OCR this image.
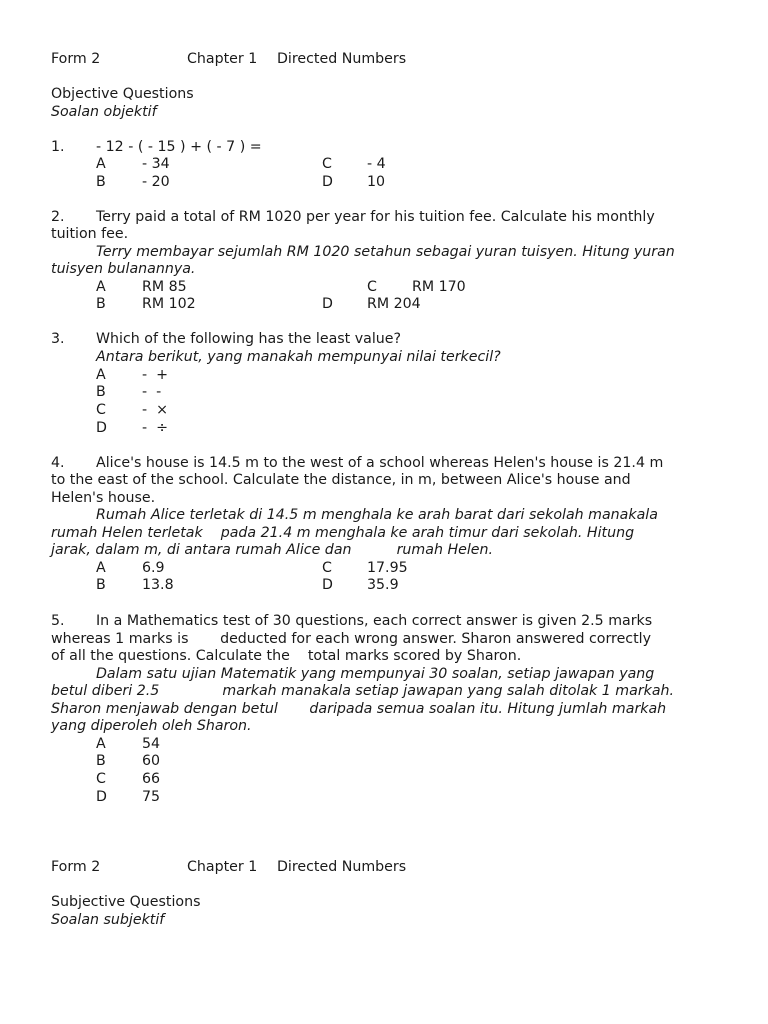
Form 2	Chapter 1 Directed Numbers
Objective Questions
Soalan objektif
1. - 12 - ( - 15 ) + ( - 7 ) =
A	- 34	C - 4
B	- 20	D 10
2. Terry paid a total of RM 1020 per year for his tuition fee. Calculate his monthly
tuition fee.
Terry membayar sejumlah RM 1020 setahun sebagai yuran tuisyen. Hitung yuran
tuisyen bulanannya.
A	RM 85	C RM 170
B	RM 102	D RM 204
3. Which of the following has the least value?
Antara berikut, yang manakah mempunyai nilai terkecil?
A	-  +
B	-  -
C	-  ×
D -  ÷
4. Alice's house is 14.5 m to the west of a school whereas Helen's house is 21.4 m
to the east of the school. Calculate the distance, in m, between Alice's house and
Helen's house.
Rumah Alice terletak di 14.5 m menghala ke arah barat dari sekolah manakala
rumah Helen terletak    pada 21.4 m menghala ke arah timur dari sekolah. Hitung
jarak, dalam m, di antara rumah Alice dan          rumah Helen.
A	6.9	C 17.95
B	13.8	D 35.9
5. In a Mathematics test of 30 questions, each correct answer is given 2.5 marks
whereas 1 marks is       deducted for each wrong answer. Sharon answered correctly
of all the questions. Calculate the    total marks scored by Sharon.
Dalam satu ujian Matematik yang mempunyai 30 soalan, setiap jawapan yang
betul diberi 2.5              markah manakala setiap jawapan yang salah ditolak 1 markah.
Sharon menjawab dengan betul       daripada semua soalan itu. Hitung jumlah markah
yang diperoleh oleh Sharon.
A	54
B	60
C	66
D 75
Form 2	Chapter 1 Directed Numbers
Subjective Questions
Soalan subjektif
